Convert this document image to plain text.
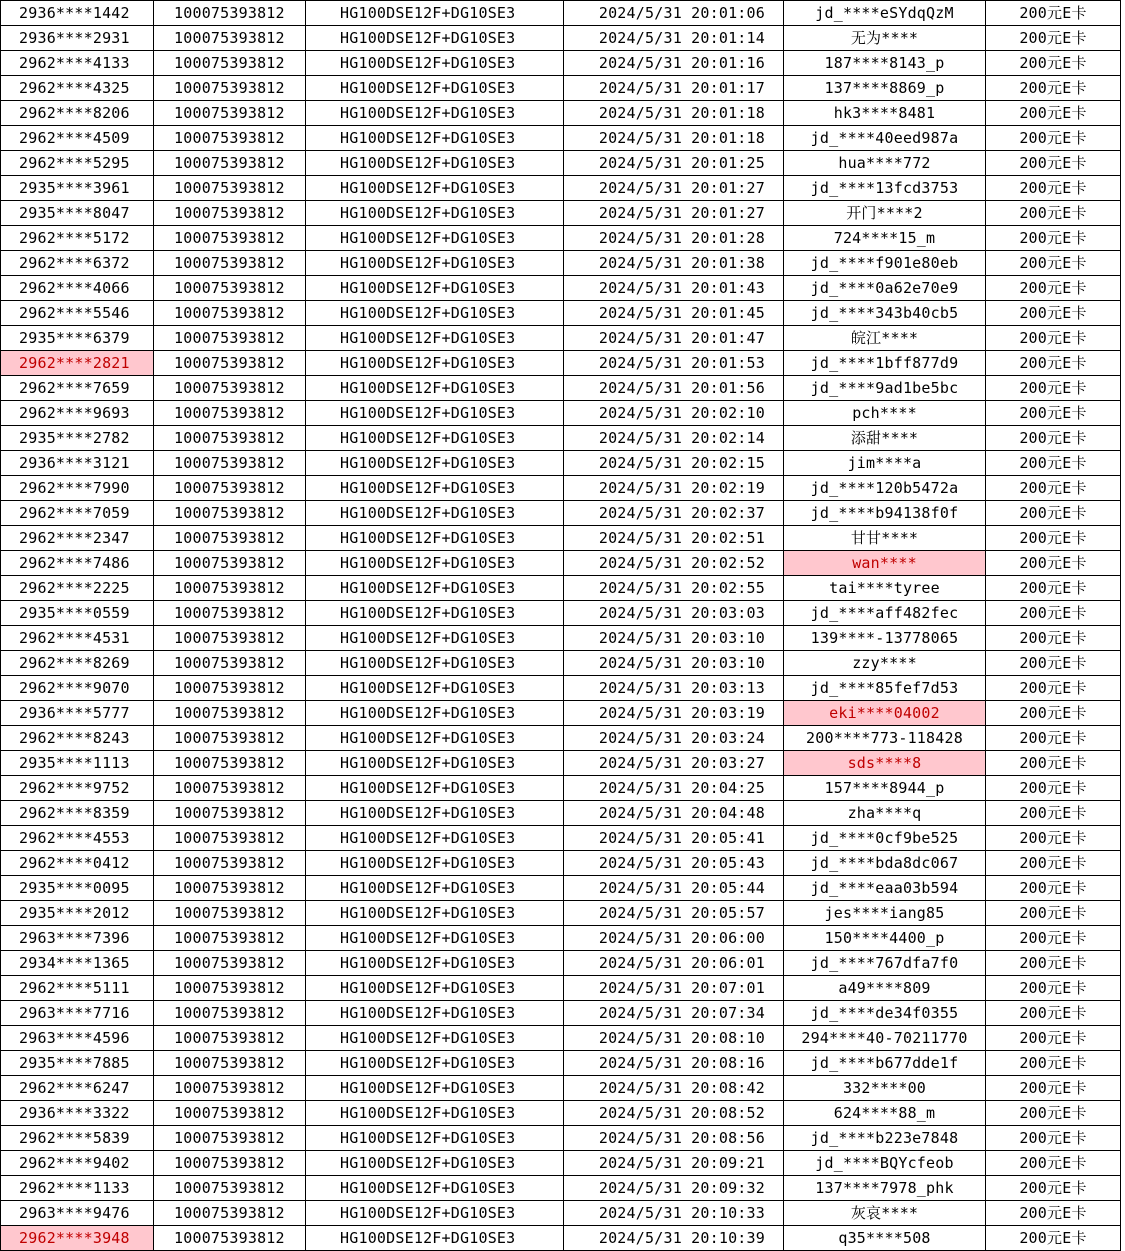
2936****1442	100075393812	HG100DSE12F+DG10SE3	2024/5/31 20:01:06	jd_****eSYdqQzM	200元E卡
2936****2931	100075393812	HG100DSE12F+DG10SE3	2024/5/31 20:01:14	无为****	200元E卡
2962****4133	100075393812	HG100DSE12F+DG10SE3	2024/5/31 20:01:16	187****8143_p	200元E卡
2962****4325	100075393812	HG100DSE12F+DG10SE3	2024/5/31 20:01:17	137****8869_p	200元E卡
2962****8206	100075393812	HG100DSE12F+DG10SE3	2024/5/31 20:01:18	hk3****8481	200元E卡
2962****4509	100075393812	HG100DSE12F+DG10SE3	2024/5/31 20:01:18	jd_****40eed987a	200元E卡
2962****5295	100075393812	HG100DSE12F+DG10SE3	2024/5/31 20:01:25	hua****772	200元E卡
2935****3961	100075393812	HG100DSE12F+DG10SE3	2024/5/31 20:01:27	jd_****13fcd3753	200元E卡
2935****8047	100075393812	HG100DSE12F+DG10SE3	2024/5/31 20:01:27	开门****2	200元E卡
2962****5172	100075393812	HG100DSE12F+DG10SE3	2024/5/31 20:01:28	724****15_m	200元E卡
2962****6372	100075393812	HG100DSE12F+DG10SE3	2024/5/31 20:01:38	jd_****f901e80eb	200元E卡
2962****4066	100075393812	HG100DSE12F+DG10SE3	2024/5/31 20:01:43	jd_****0a62e70e9	200元E卡
2962****5546	100075393812	HG100DSE12F+DG10SE3	2024/5/31 20:01:45	jd_****343b40cb5	200元E卡
2935****6379	100075393812	HG100DSE12F+DG10SE3	2024/5/31 20:01:47	皖江****	200元E卡
2962****2821	100075393812	HG100DSE12F+DG10SE3	2024/5/31 20:01:53	jd_****1bff877d9	200元E卡
2962****7659	100075393812	HG100DSE12F+DG10SE3	2024/5/31 20:01:56	jd_****9ad1be5bc	200元E卡
2962****9693	100075393812	HG100DSE12F+DG10SE3	2024/5/31 20:02:10	pch****	200元E卡
2935****2782	100075393812	HG100DSE12F+DG10SE3	2024/5/31 20:02:14	添甜****	200元E卡
2936****3121	100075393812	HG100DSE12F+DG10SE3	2024/5/31 20:02:15	jim****a	200元E卡
2962****7990	100075393812	HG100DSE12F+DG10SE3	2024/5/31 20:02:19	jd_****120b5472a	200元E卡
2962****7059	100075393812	HG100DSE12F+DG10SE3	2024/5/31 20:02:37	jd_****b94138f0f	200元E卡
2962****2347	100075393812	HG100DSE12F+DG10SE3	2024/5/31 20:02:51	甘甘****	200元E卡
2962****7486	100075393812	HG100DSE12F+DG10SE3	2024/5/31 20:02:52	wan****	200元E卡
2962****2225	100075393812	HG100DSE12F+DG10SE3	2024/5/31 20:02:55	tai****tyree	200元E卡
2935****0559	100075393812	HG100DSE12F+DG10SE3	2024/5/31 20:03:03	jd_****aff482fec	200元E卡
2962****4531	100075393812	HG100DSE12F+DG10SE3	2024/5/31 20:03:10	139****-13778065	200元E卡
2962****8269	100075393812	HG100DSE12F+DG10SE3	2024/5/31 20:03:10	zzy****	200元E卡
2962****9070	100075393812	HG100DSE12F+DG10SE3	2024/5/31 20:03:13	jd_****85fef7d53	200元E卡
2936****5777	100075393812	HG100DSE12F+DG10SE3	2024/5/31 20:03:19	eki****04002	200元E卡
2962****8243	100075393812	HG100DSE12F+DG10SE3	2024/5/31 20:03:24	200****773-118428	200元E卡
2935****1113	100075393812	HG100DSE12F+DG10SE3	2024/5/31 20:03:27	sds****8	200元E卡
2962****9752	100075393812	HG100DSE12F+DG10SE3	2024/5/31 20:04:25	157****8944_p	200元E卡
2962****8359	100075393812	HG100DSE12F+DG10SE3	2024/5/31 20:04:48	zha****q	200元E卡
2962****4553	100075393812	HG100DSE12F+DG10SE3	2024/5/31 20:05:41	jd_****0cf9be525	200元E卡
2962****0412	100075393812	HG100DSE12F+DG10SE3	2024/5/31 20:05:43	jd_****bda8dc067	200元E卡
2935****0095	100075393812	HG100DSE12F+DG10SE3	2024/5/31 20:05:44	jd_****eaa03b594	200元E卡
2935****2012	100075393812	HG100DSE12F+DG10SE3	2024/5/31 20:05:57	jes****iang85	200元E卡
2963****7396	100075393812	HG100DSE12F+DG10SE3	2024/5/31 20:06:00	150****4400_p	200元E卡
2934****1365	100075393812	HG100DSE12F+DG10SE3	2024/5/31 20:06:01	jd_****767dfa7f0	200元E卡
2962****5111	100075393812	HG100DSE12F+DG10SE3	2024/5/31 20:07:01	a49****809	200元E卡
2963****7716	100075393812	HG100DSE12F+DG10SE3	2024/5/31 20:07:34	jd_****de34f0355	200元E卡
2963****4596	100075393812	HG100DSE12F+DG10SE3	2024/5/31 20:08:10	294****40-70211770	200元E卡
2935****7885	100075393812	HG100DSE12F+DG10SE3	2024/5/31 20:08:16	jd_****b677dde1f	200元E卡
2962****6247	100075393812	HG100DSE12F+DG10SE3	2024/5/31 20:08:42	332****00	200元E卡
2936****3322	100075393812	HG100DSE12F+DG10SE3	2024/5/31 20:08:52	624****88_m	200元E卡
2962****5839	100075393812	HG100DSE12F+DG10SE3	2024/5/31 20:08:56	jd_****b223e7848	200元E卡
2962****9402	100075393812	HG100DSE12F+DG10SE3	2024/5/31 20:09:21	jd_****BQYcfeob	200元E卡
2962****1133	100075393812	HG100DSE12F+DG10SE3	2024/5/31 20:09:32	137****7978_phk	200元E卡
2963****9476	100075393812	HG100DSE12F+DG10SE3	2024/5/31 20:10:33	灰哀****	200元E卡
2962****3948	100075393812	HG100DSE12F+DG10SE3	2024/5/31 20:10:39	q35****508	200元E卡
